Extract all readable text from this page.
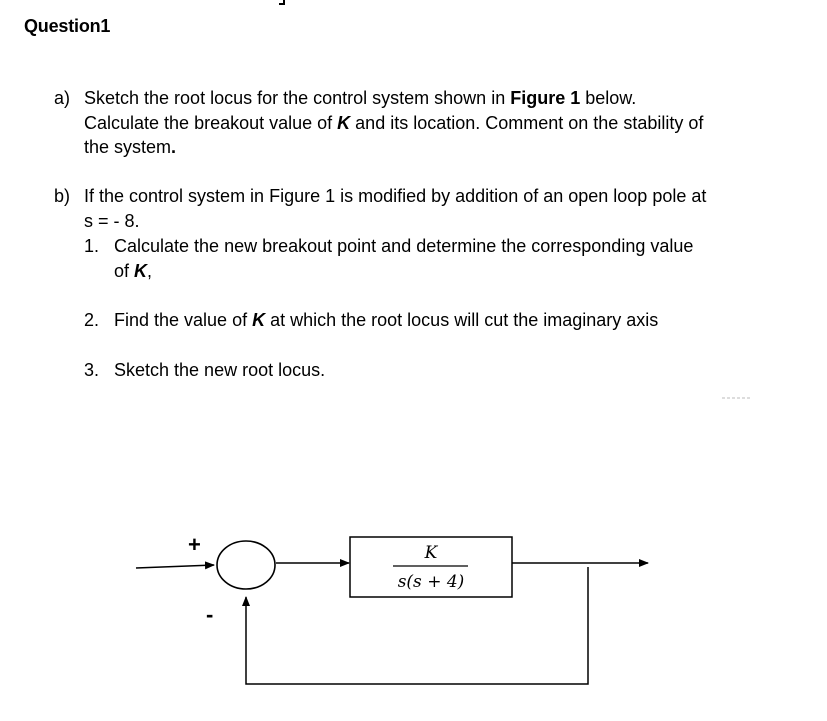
Question1
a) Sketch the root locus for the control system shown in Figure 1 below.
Calculate the breakout value of K and its location. Comment on the stability of
the system.
b) If the control system in Figure 1 is modified by addition of an open loop pole at
s = - 8.
1. Calculate the new breakout point and determine the corresponding value
of K,
2. Find the value of K at which the root locus will cut the imaginary axis
3. Sketch the new root locus.
+
-
K
s(s + 4)
